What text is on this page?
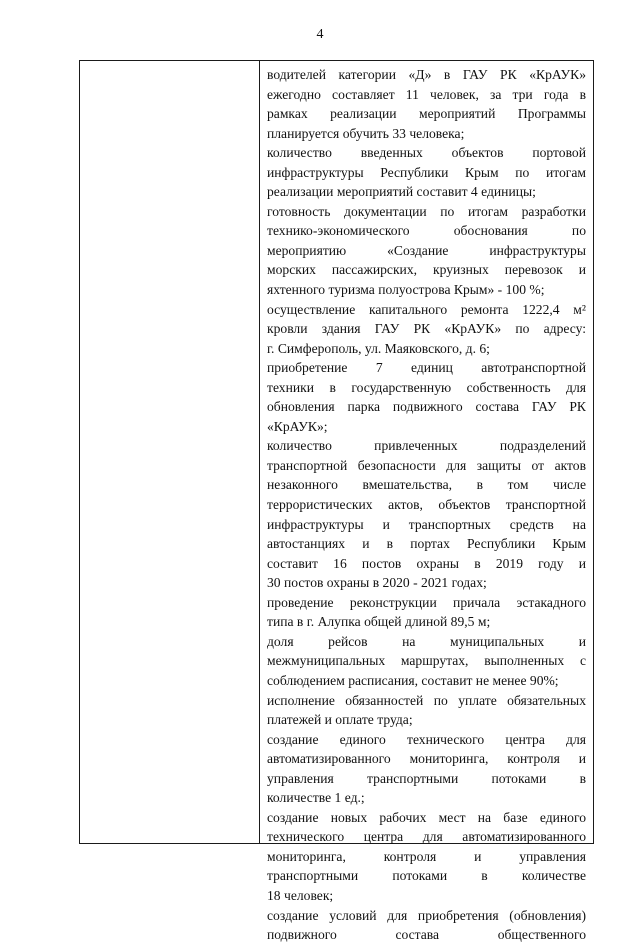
4
водителей категории «Д» в ГАУ РК «КрАУК»
ежегодно составляет 11 человек, за три года в
рамках реализации мероприятий Программы
планируется обучить 33 человека;
количество введенных объектов портовой
инфраструктуры Республики Крым по итогам
реализации мероприятий составит 4 единицы;
готовность документации по итогам разработки
технико-экономического обоснования по
мероприятию «Создание инфраструктуры
морских пассажирских, круизных перевозок и
яхтенного туризма полуострова Крым» - 100 %;
осуществление капитального ремонта 1222,4 м²
кровли здания ГАУ РК «КрАУК» по адресу:
г. Симферополь, ул. Маяковского, д. 6;
приобретение 7 единиц автотранспортной
техники в государственную собственность для
обновления парка подвижного состава ГАУ РК
«КрАУК»;
количество привлеченных подразделений
транспортной безопасности для защиты от актов
незаконного вмешательства, в том числе
террористических актов, объектов транспортной
инфраструктуры и транспортных средств на
автостанциях и в портах Республики Крым
составит 16 постов охраны в 2019 году и
30 постов охраны в 2020 - 2021 годах;
проведение реконструкции причала эстакадного
типа в г. Алупка общей длиной 89,5 м;
доля рейсов на муниципальных и
межмуниципальных маршрутах, выполненных с
соблюдением расписания, составит не менее 90%;
исполнение обязанностей по уплате обязательных
платежей и оплате труда;
создание единого технического центра для
автоматизированного мониторинга, контроля и
управления транспортными потоками в
количестве 1 ед.;
создание новых рабочих мест на базе единого
технического центра для автоматизированного
мониторинга, контроля и управления
транспортными потоками в количестве
18 человек;
создание условий для приобретения (обновления)
подвижного состава общественного
